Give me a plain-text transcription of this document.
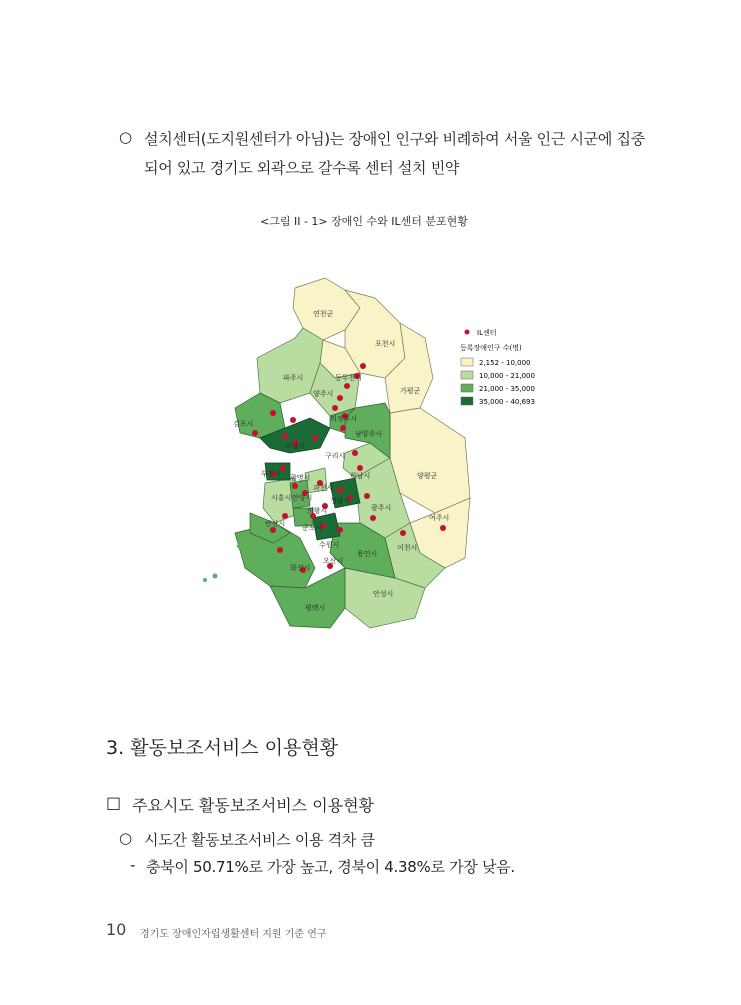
○ 설치센터(도지원센터가 아님)는 장애인 인구와 비례하여 서울 인근 시군에 집중
되어 있고 경기도 외곽으로 갈수록 센터 설치 빈약
<그림 II - 1> 장애인 수와 IL센터 분포현황
연천군
포천시
동두천시
파주시
양주시	가평군
의정부시
김포시
고양시
남양주시
구리시
부천시 광명시
과천시
하남시	양평군
시흥시 안양시	성남시
광주시
의왕시
여주시
안산시 군포시
이천시
수원시
용인시
화성시
오산시
안성시
평택시
IL센터
등록장애인구 수(명)
2,152 - 10,000
10,000 - 21,000
21,000 - 35,000
35,000 - 40,693
3. 활동보조서비스 이용현황
□ 주요시도 활동보조서비스 이용현황
○ 시도간 활동보조서비스 이용 격차 큼
- 충북이 50.71%로 가장 높고, 경북이 4.38%로 가장 낮음.
10 경기도 장애인자립생활센터 지원 기준 연구
